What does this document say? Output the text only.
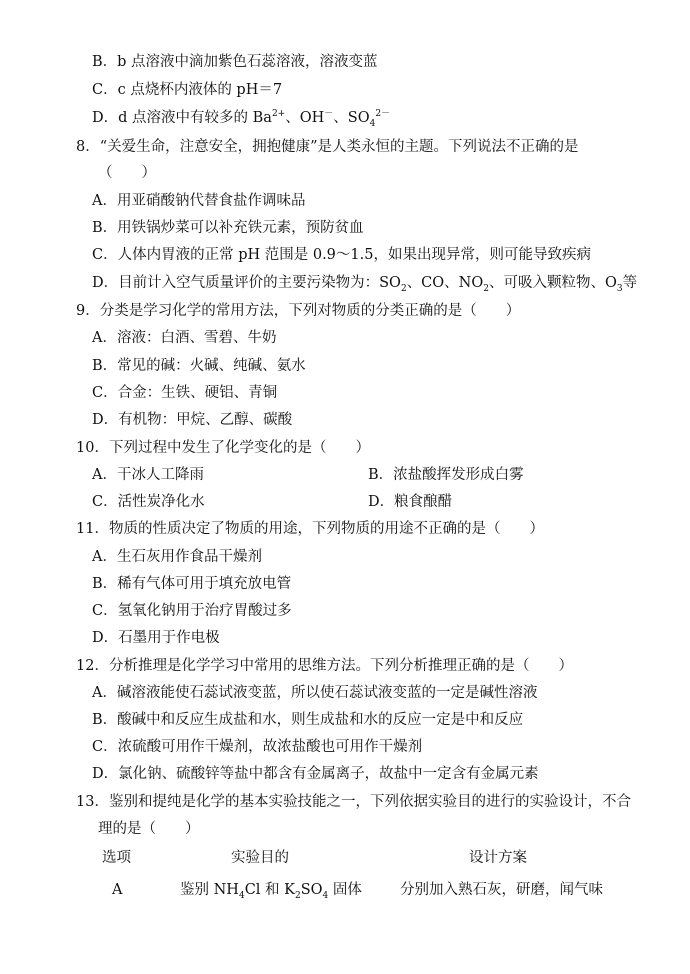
B．b 点溶液中滴加紫色石蕊溶液，溶液变蓝
C．c 点烧杯内液体的 pH＝7
D．d 点溶液中有较多的 $Ba^{2+}$、OH－、$SO_4^{2-}$
8．“关爱生命，注意安全，拥抱健康”是人类永恒的主题。下列说法不正确的是
（　　）
A．用亚硝酸钠代替食盐作调味品
B．用铁锅炒菜可以补充铁元素，预防贫血
C．人体内胃液的正常 pH 范围是 0.9～1.5，如果出现异常，则可能导致疾病
D．目前计入空气质量评价的主要污染物为：$SO_2$、CO、$NO_2$、可吸入颗粒物、$O_3$等
9．分类是学习化学的常用方法，下列对物质的分类正确的是（　　）
A．溶液：白酒、雪碧、牛奶
B．常见的碱：火碱、纯碱、氨水
C．合金：生铁、硬铝、青铜
D．有机物：甲烷、乙醇、碳酸
10．下列过程中发生了化学变化的是（　　）
A．干冰人工降雨	B．浓盐酸挥发形成白雾
C．活性炭净化水	D．粮食酿醋
11．物质的性质决定了物质的用途，下列物质的用途不正确的是（　　）
A．生石灰用作食品干燥剂
B．稀有气体可用于填充放电管
C．氢氧化钠用于治疗胃酸过多
D．石墨用于作电极
12．分析推理是化学学习中常用的思维方法。下列分析推理正确的是（　　）
A．碱溶液能使石蕊试液变蓝，所以使石蕊试液变蓝的一定是碱性溶液
B．酸碱中和反应生成盐和水，则生成盐和水的反应一定是中和反应
C．浓硫酸可用作干燥剂，故浓盐酸也可用作干燥剂
D．氯化钠、硫酸锌等盐中都含有金属离子，故盐中一定含有金属元素
13．鉴别和提纯是化学的基本实验技能之一，下列依据实验目的进行的实验设计，不合
理的是（　　）
选项	实验目的	设计方案
A	鉴别 $NH_4Cl$ 和 $K_2SO_4$ 固体	分别加入熟石灰，研磨，闻气味
